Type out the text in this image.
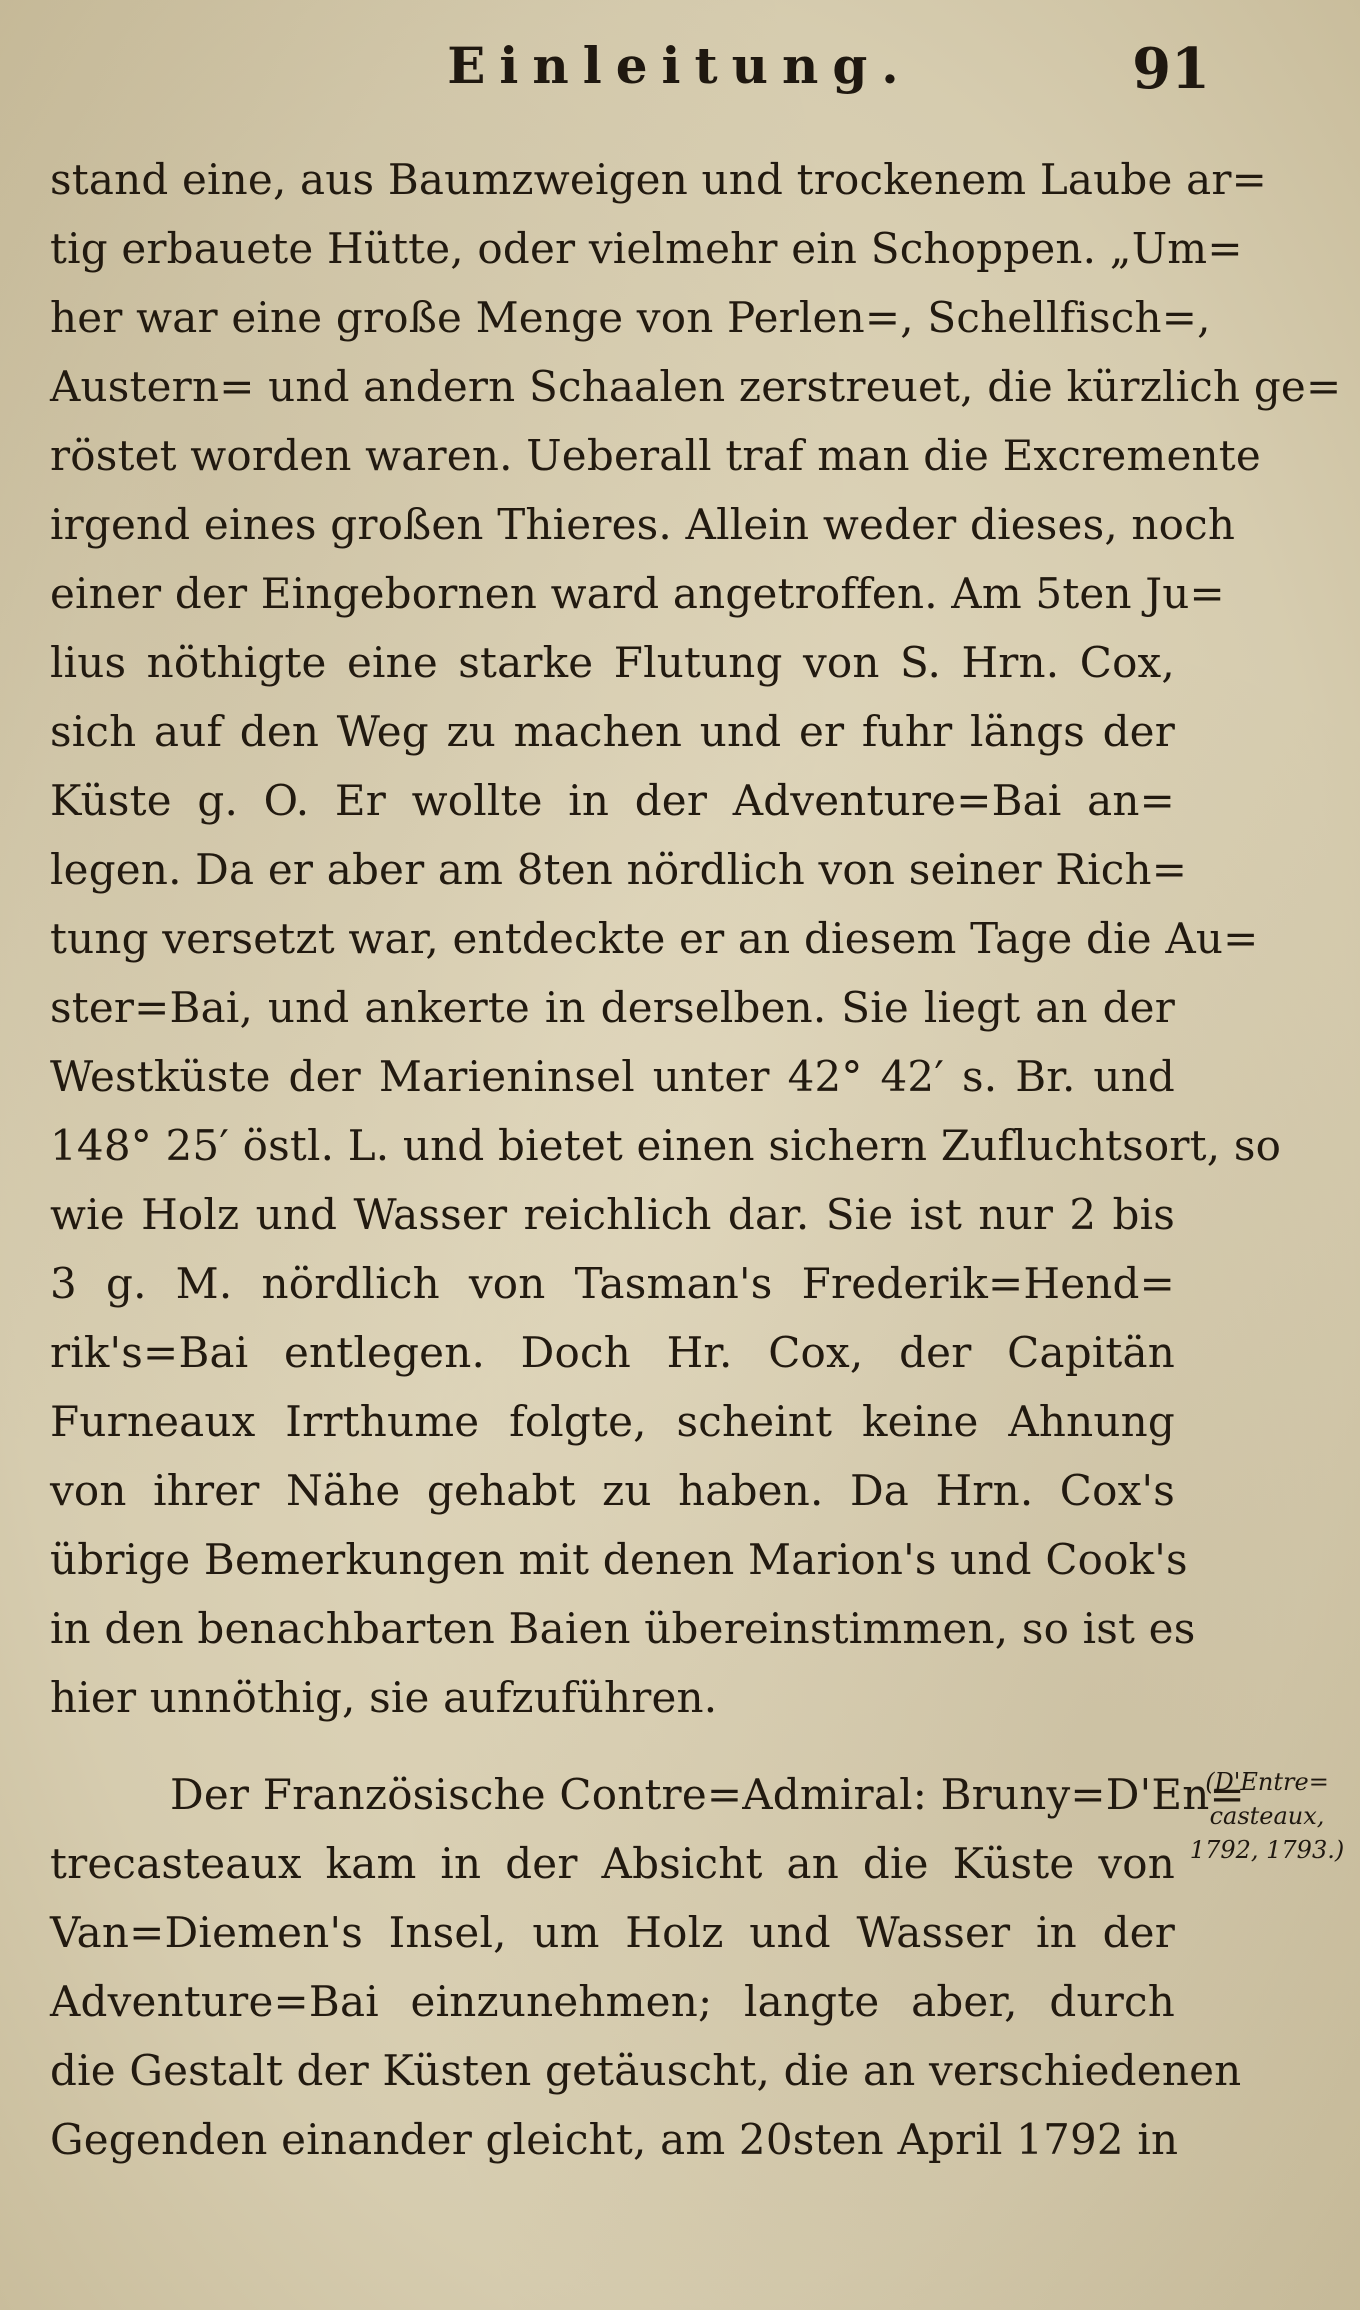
Einleitung.	91
stand eine, aus Baumzweigen und trockenem Laube ar=
tig erbauete Hütte, oder vielmehr ein Schoppen. „Um=
her war eine große Menge von Perlen=, Schellfisch=,
Austern= und andern Schaalen zerstreuet, die kürzlich ge=
röstet worden waren. Ueberall traf man die Excremente
irgend eines großen Thieres. Allein weder dieses, noch
einer der Eingebornen ward angetroffen. Am 5ten Ju=
lius nöthigte eine starke Flutung von S. Hrn. Cox,
sich auf den Weg zu machen und er fuhr längs der
Küste g. O. Er wollte in der Adventure=Bai an=
legen. Da er aber am 8ten nördlich von seiner Rich=
tung versetzt war, entdeckte er an diesem Tage die Au=
ster=Bai, und ankerte in derselben. Sie liegt an der
Westküste der Marieninsel unter 42° 42′ s. Br. und
148° 25′ östl. L. und bietet einen sichern Zufluchtsort, so
wie Holz und Wasser reichlich dar. Sie ist nur 2 bis
3 g. M. nördlich von Tasman's Frederik=Hend=
rik's=Bai entlegen. Doch Hr. Cox, der Capitän
Furneaux Irrthume folgte, scheint keine Ahnung
von ihrer Nähe gehabt zu haben. Da Hrn. Cox's
übrige Bemerkungen mit denen Marion's und Cook's
in den benachbarten Baien übereinstimmen, so ist es
hier unnöthig, sie aufzuführen.
Der Französische Contre=Admiral: Bruny=D'En=
trecasteaux kam in der Absicht an die Küste von
Van=Diemen's Insel, um Holz und Wasser in der
Adventure=Bai einzunehmen; langte aber, durch
die Gestalt der Küsten getäuscht, die an verschiedenen
Gegenden einander gleicht, am 20sten April 1792 in
(D'Entre=
casteaux,
1792, 1793.)
